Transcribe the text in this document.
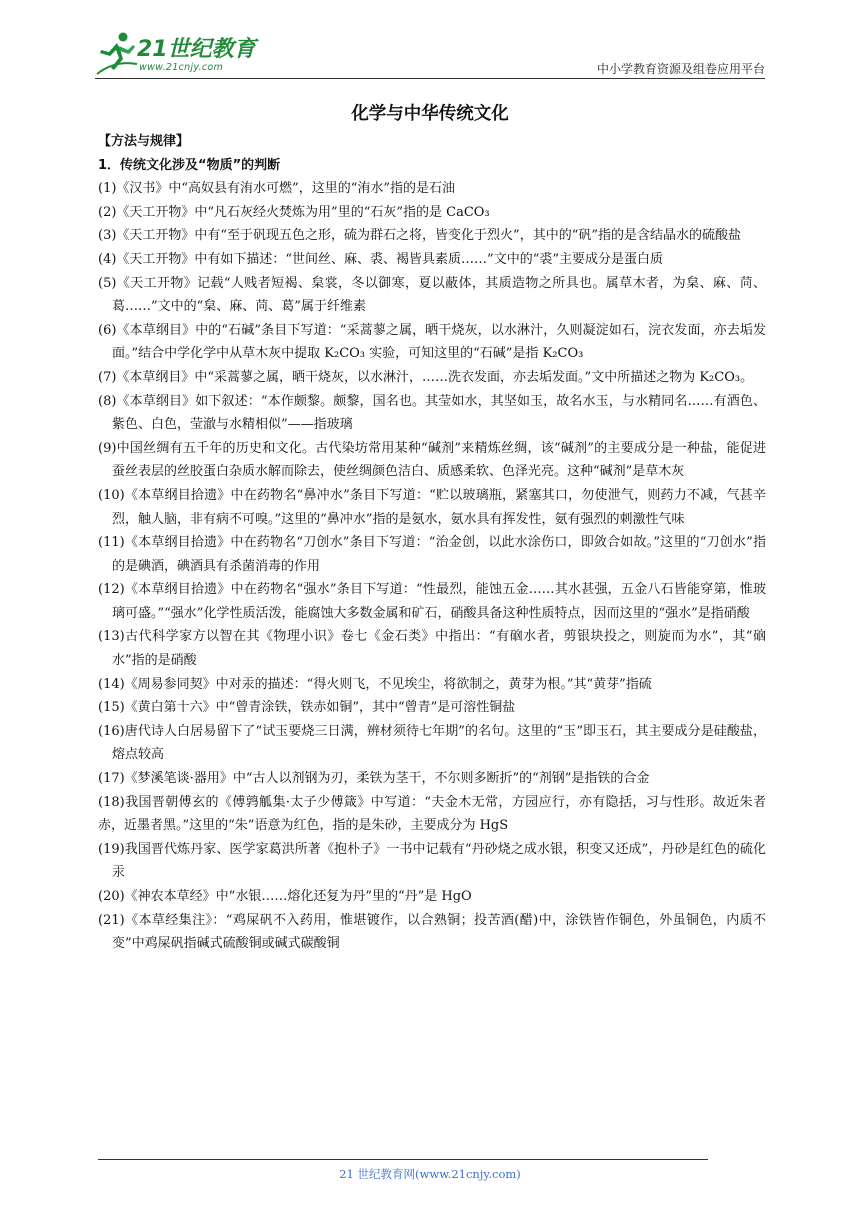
21世纪教育
www.21cnjy.com	中小学教育资源及组卷应用平台
化学与中华传统文化
【方法与规律】
1．传统文化涉及“物质”的判断
(1)《汉书》中“高奴县有洧水可燃”，这里的“洧水”指的是石油
(2)《天工开物》中“凡石灰经火焚炼为用”里的“石灰”指的是 CaCO₃
(3)《天工开物》中有“至于矾现五色之形，硫为群石之将，皆变化于烈火”，其中的“矾”指的是含结晶水的硫酸盐
(4)《天工开物》中有如下描述：“世间丝、麻、裘、褐皆具素质……”文中的“裘”主要成分是蛋白质
(5)《天工开物》记载“人贱者短褐、枲裳，冬以御寒，夏以蔽体，其质造物之所具也。属草木者，为枲、麻、苘、葛……”文中的“枲、麻、苘、葛”属于纤维素
(6)《本草纲目》中的“石碱”条目下写道：“采蒿蓼之属，晒干烧灰，以水淋汁，久则凝淀如石，浣衣发面，亦去垢发面。”结合中学化学中从草木灰中提取 K₂CO₃ 实验，可知这里的“石碱”是指 K₂CO₃
(7)《本草纲目》中“采蒿蓼之属，晒干烧灰，以水淋汁，……洗衣发面，亦去垢发面。”文中所描述之物为 K₂CO₃。
(8)《本草纲目》如下叙述：“本作颇黎。颇黎，国名也。其莹如水，其坚如玉，故名水玉，与水精同名……有酒色、紫色、白色，莹澈与水精相似”——指玻璃
(9)中国丝绸有五千年的历史和文化。古代染坊常用某种“碱剂”来精炼丝绸，该“碱剂”的主要成分是一种盐，能促进蚕丝表层的丝胶蛋白杂质水解而除去，使丝绸颜色洁白、质感柔软、色泽光亮。这种“碱剂”是草木灰
(10)《本草纲目拾遗》中在药物名“鼻冲水”条目下写道：“贮以玻璃瓶，紧塞其口，勿使泄气，则药力不减，气甚辛烈，触人脑，非有病不可嗅。”这里的“鼻冲水”指的是氨水，氨水具有挥发性，氨有强烈的刺激性气味
(11)《本草纲目拾遗》中在药物名“刀创水”条目下写道：“治金创，以此水涂伤口，即敛合如故。”这里的“刀创水”指的是碘酒，碘酒具有杀菌消毒的作用
(12)《本草纲目拾遗》中在药物名“强水”条目下写道：“性最烈，能蚀五金……其水甚强，五金八石皆能穿第，惟玻璃可盛。”“强水”化学性质活泼，能腐蚀大多数金属和矿石，硝酸具备这种性质特点，因而这里的“强水”是指硝酸
(13)古代科学家方以智在其《物理小识》卷七《金石类》中指出：“有硇水者，剪银块投之，则旋而为水”，其“硇水”指的是硝酸
(14)《周易参同契》中对汞的描述：“得火则飞，不见埃尘，将欲制之，黄芽为根。”其“黄芽”指硫
(15)《黄白第十六》中“曾青涂铁，铁赤如铜”，其中“曾青”是可溶性铜盐
(16)唐代诗人白居易留下了“试玉要烧三日满，辨材须待七年期”的名句。这里的“玉”即玉石，其主要成分是硅酸盐，熔点较高
(17)《梦溪笔谈·器用》中“古人以剂钢为刃，柔铁为茎干，不尔则多断折”的“剂钢”是指铁的合金
(18)我国晋朝傅玄的《傅鹑觚集·太子少傅箴》中写道：“夫金木无常，方园应行，亦有隐括，习与性形。故近朱者赤，近墨者黑。”这里的“朱”语意为红色，指的是朱砂，主要成分为 HgS
(19)我国晋代炼丹家、医学家葛洪所著《抱朴子》一书中记载有“丹砂烧之成水银，积变又还成”，丹砂是红色的硫化汞
(20)《神农本草经》中“水银……熔化还复为丹”里的“丹”是 HgO
(21)《本草经集注》：“鸡屎矾不入药用，惟堪镀作，以合熟铜；投苦酒(醋)中，涂铁皆作铜色，外虽铜色，内质不变”中鸡屎矾指碱式硫酸铜或碱式碳酸铜
21 世纪教育网(www.21cnjy.com)
